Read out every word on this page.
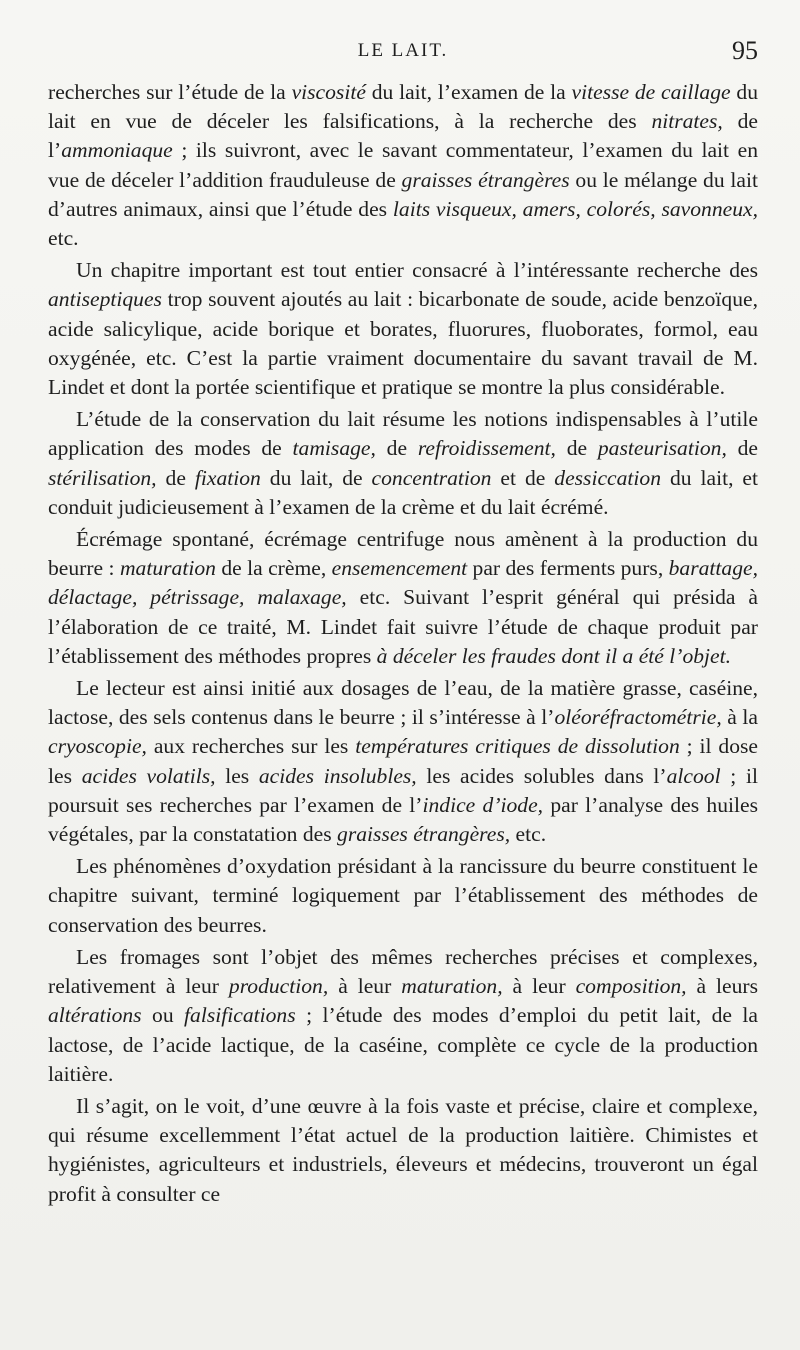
LE LAIT.	95

recherches sur l’étude de la viscosité du lait, l’examen de la vitesse de caillage du lait en vue de déceler les falsifications, à la recherche des nitrates, de l’ammoniaque ; ils suivront, avec le savant commentateur, l’examen du lait en vue de déceler l’addition frauduleuse de graisses étrangères ou le mélange du lait d’autres animaux, ainsi que l’étude des laits visqueux, amers, colorés, savonneux, etc.

Un chapitre important est tout entier consacré à l’intéressante recherche des antiseptiques trop souvent ajoutés au lait : bicarbonate de soude, acide benzoïque, acide salicylique, acide borique et borates, fluorures, fluoborates, formol, eau oxygénée, etc. C’est la partie vraiment documentaire du savant travail de M. Lindet et dont la portée scientifique et pratique se montre la plus considérable.

L’étude de la conservation du lait résume les notions indispensables à l’utile application des modes de tamisage, de refroidissement, de pasteurisation, de stérilisation, de fixation du lait, de concentration et de dessiccation du lait, et conduit judicieusement à l’examen de la crème et du lait écrémé.

Écrémage spontané, écrémage centrifuge nous amènent à la production du beurre : maturation de la crème, ensemencement par des ferments purs, barattage, délactage, pétrissage, malaxage, etc. Suivant l’esprit général qui présida à l’élaboration de ce traité, M. Lindet fait suivre l’étude de chaque produit par l’établissement des méthodes propres à déceler les fraudes dont il a été l’objet.

Le lecteur est ainsi initié aux dosages de l’eau, de la matière grasse, caséine, lactose, des sels contenus dans le beurre ; il s’intéresse à l’oléoréfractométrie, à la cryoscopie, aux recherches sur les températures critiques de dissolution ; il dose les acides volatils, les acides insolubles, les acides solubles dans l’alcool ; il poursuit ses recherches par l’examen de l’indice d’iode, par l’analyse des huiles végétales, par la constatation des graisses étrangères, etc.

Les phénomènes d’oxydation présidant à la rancissure du beurre constituent le chapitre suivant, terminé logiquement par l’établissement des méthodes de conservation des beurres.

Les fromages sont l’objet des mêmes recherches précises et complexes, relativement à leur production, à leur maturation, à leur composition, à leurs altérations ou falsifications ; l’étude des modes d’emploi du petit lait, de la lactose, de l’acide lactique, de la caséine, complète ce cycle de la production laitière.

Il s’agit, on le voit, d’une œuvre à la fois vaste et précise, claire et complexe, qui résume excellemment l’état actuel de la production laitière. Chimistes et hygiénistes, agriculteurs et industriels, éleveurs et médecins, trouveront un égal profit à consulter ce
